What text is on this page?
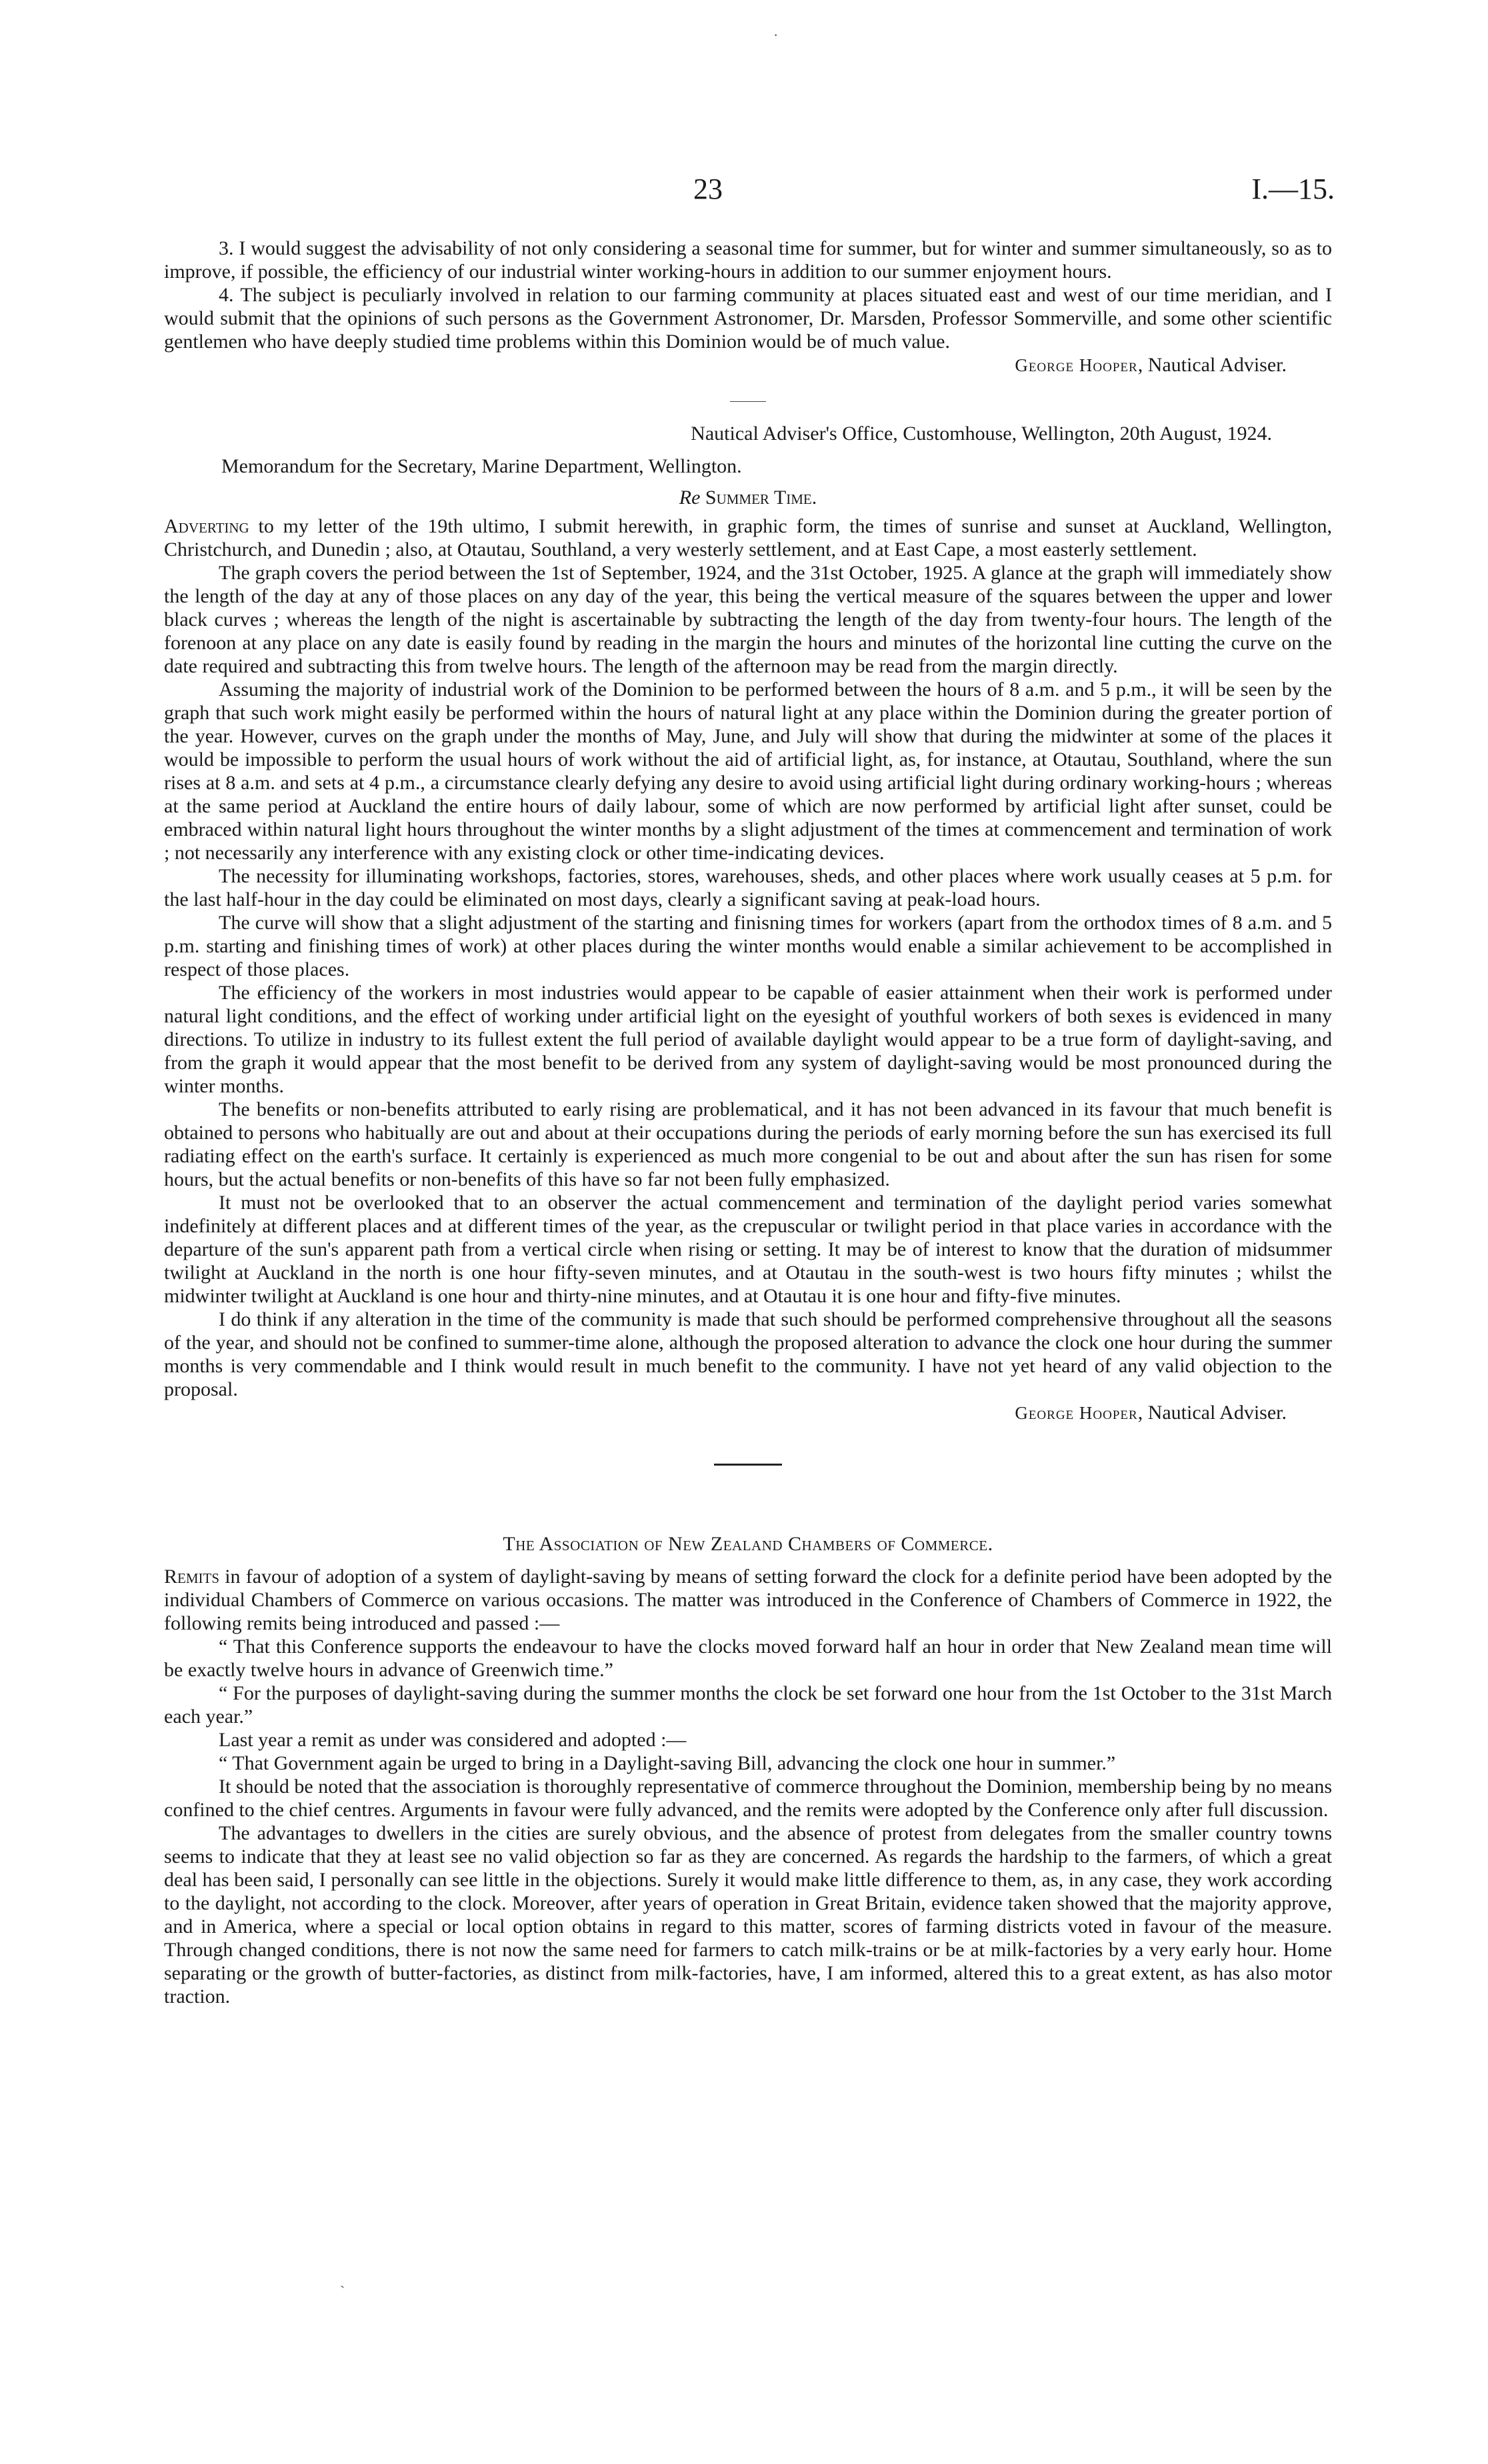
·
ˋ
23	I.—15.

3. I would suggest the advisability of not only considering a seasonal time for summer, but for winter and summer simultaneously, so as to improve, if possible, the efficiency of our industrial winter working-hours in addition to our summer enjoyment hours.

4. The subject is peculiarly involved in relation to our farming community at places situated east and west of our time meridian, and I would submit that the opinions of such persons as the Government Astronomer, Dr. Marsden, Professor Sommerville, and some other scientific gentlemen who have deeply studied time problems within this Dominion would be of much value.

George Hooper, Nautical Adviser.

Nautical Adviser's Office, Customhouse, Wellington, 20th August, 1924.

Memorandum for the Secretary, Marine Department, Wellington.

Re Summer Time.

Adverting to my letter of the 19th ultimo, I submit herewith, in graphic form, the times of sunrise and sunset at Auckland, Wellington, Christchurch, and Dunedin ; also, at Otautau, Southland, a very westerly settlement, and at East Cape, a most easterly settlement.

The graph covers the period between the 1st of September, 1924, and the 31st October, 1925. A glance at the graph will immediately show the length of the day at any of those places on any day of the year, this being the vertical measure of the squares between the upper and lower black curves ; whereas the length of the night is ascertainable by subtracting the length of the day from twenty-four hours. The length of the forenoon at any place on any date is easily found by reading in the margin the hours and minutes of the horizontal line cutting the curve on the date required and subtracting this from twelve hours. The length of the afternoon may be read from the margin directly.

Assuming the majority of industrial work of the Dominion to be performed between the hours of 8 a.m. and 5 p.m., it will be seen by the graph that such work might easily be performed within the hours of natural light at any place within the Dominion during the greater portion of the year. However, curves on the graph under the months of May, June, and July will show that during the midwinter at some of the places it would be impossible to perform the usual hours of work without the aid of artificial light, as, for instance, at Otautau, Southland, where the sun rises at 8 a.m. and sets at 4 p.m., a circumstance clearly defying any desire to avoid using artificial light during ordinary working-hours ; whereas at the same period at Auckland the entire hours of daily labour, some of which are now performed by artificial light after sunset, could be embraced within natural light hours throughout the winter months by a slight adjustment of the times at commencement and termination of work ; not necessarily any interference with any existing clock or other time-indicating devices.

The necessity for illuminating workshops, factories, stores, warehouses, sheds, and other places where work usually ceases at 5 p.m. for the last half-hour in the day could be eliminated on most days, clearly a significant saving at peak-load hours.

The curve will show that a slight adjustment of the starting and finisning times for workers (apart from the orthodox times of 8 a.m. and 5 p.m. starting and finishing times of work) at other places during the winter months would enable a similar achievement to be accomplished in respect of those places.

The efficiency of the workers in most industries would appear to be capable of easier attainment when their work is performed under natural light conditions, and the effect of working under artificial light on the eyesight of youthful workers of both sexes is evidenced in many directions. To utilize in industry to its fullest extent the full period of available daylight would appear to be a true form of daylight-saving, and from the graph it would appear that the most benefit to be derived from any system of daylight-saving would be most pronounced during the winter months.

The benefits or non-benefits attributed to early rising are problematical, and it has not been advanced in its favour that much benefit is obtained to persons who habitually are out and about at their occupations during the periods of early morning before the sun has exercised its full radiating effect on the earth's surface. It certainly is experienced as much more congenial to be out and about after the sun has risen for some hours, but the actual benefits or non-benefits of this have so far not been fully emphasized.

It must not be overlooked that to an observer the actual commencement and termination of the daylight period varies somewhat indefinitely at different places and at different times of the year, as the crepuscular or twilight period in that place varies in accordance with the departure of the sun's apparent path from a vertical circle when rising or setting. It may be of interest to know that the duration of midsummer twilight at Auckland in the north is one hour fifty-seven minutes, and at Otautau in the south-west is two hours fifty minutes ; whilst the midwinter twilight at Auckland is one hour and thirty-nine minutes, and at Otautau it is one hour and fifty-five minutes.

I do think if any alteration in the time of the community is made that such should be performed comprehensive throughout all the seasons of the year, and should not be confined to summer-time alone, although the proposed alteration to advance the clock one hour during the summer months is very commendable and I think would result in much benefit to the community. I have not yet heard of any valid objection to the proposal.

George Hooper, Nautical Adviser.

The Association of New Zealand Chambers of Commerce.

Remits in favour of adoption of a system of daylight-saving by means of setting forward the clock for a definite period have been adopted by the individual Chambers of Commerce on various occasions. The matter was introduced in the Conference of Chambers of Commerce in 1922, the following remits being introduced and passed :—

“ That this Conference supports the endeavour to have the clocks moved forward half an hour in order that New Zealand mean time will be exactly twelve hours in advance of Greenwich time.”

“ For the purposes of daylight-saving during the summer months the clock be set forward one hour from the 1st October to the 31st March each year.”

Last year a remit as under was considered and adopted :—

“ That Government again be urged to bring in a Daylight-saving Bill, advancing the clock one hour in summer.”

It should be noted that the association is thoroughly representative of commerce throughout the Dominion, membership being by no means confined to the chief centres. Arguments in favour were fully advanced, and the remits were adopted by the Conference only after full discussion.

The advantages to dwellers in the cities are surely obvious, and the absence of protest from delegates from the smaller country towns seems to indicate that they at least see no valid objection so far as they are concerned. As regards the hardship to the farmers, of which a great deal has been said, I personally can see little in the objections. Surely it would make little difference to them, as, in any case, they work according to the daylight, not according to the clock. Moreover, after years of operation in Great Britain, evidence taken showed that the majority approve, and in America, where a special or local option obtains in regard to this matter, scores of farming districts voted in favour of the measure. Through changed conditions, there is not now the same need for farmers to catch milk-trains or be at milk-factories by a very early hour. Home separating or the growth of butter-factories, as distinct from milk-factories, have, I am informed, altered this to a great extent, as has also motor traction.
